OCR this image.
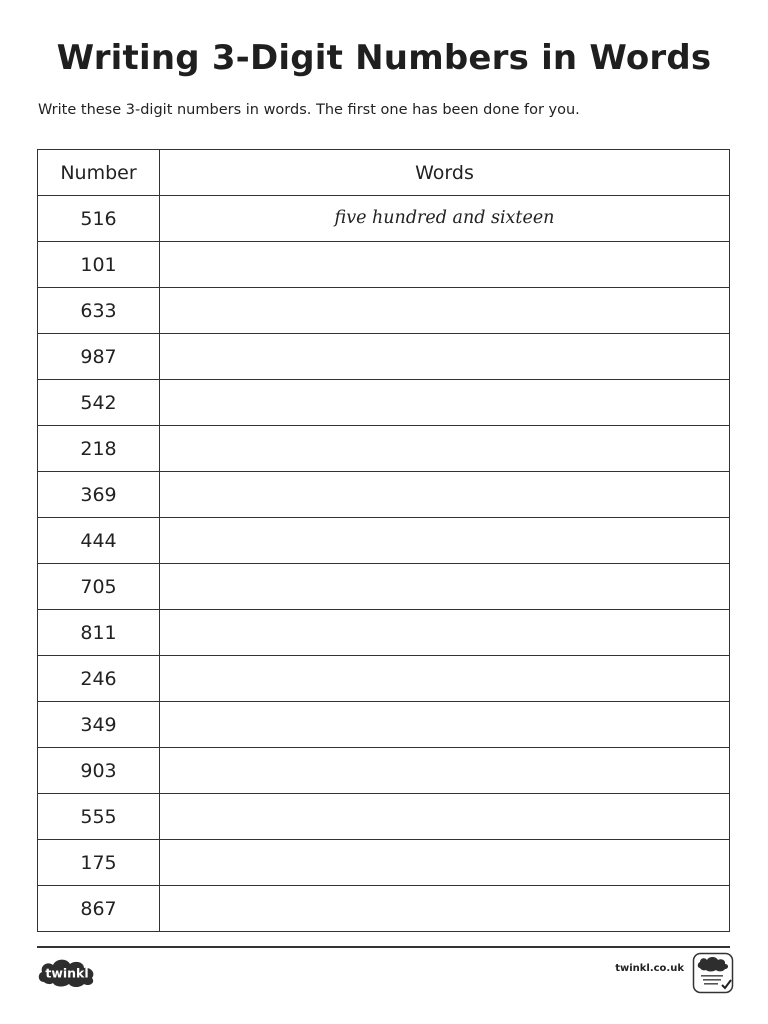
Writing 3-Digit Numbers in Words

Write these 3-digit numbers in words. The first one has been done for you.

Number	Words
516	five hundred and sixteen
101	
633	
987	
542	
218	
369	
444	
705	
811	
246	
349	
903	
555	
175	
867	
twinkl	twinkl.co.uk
